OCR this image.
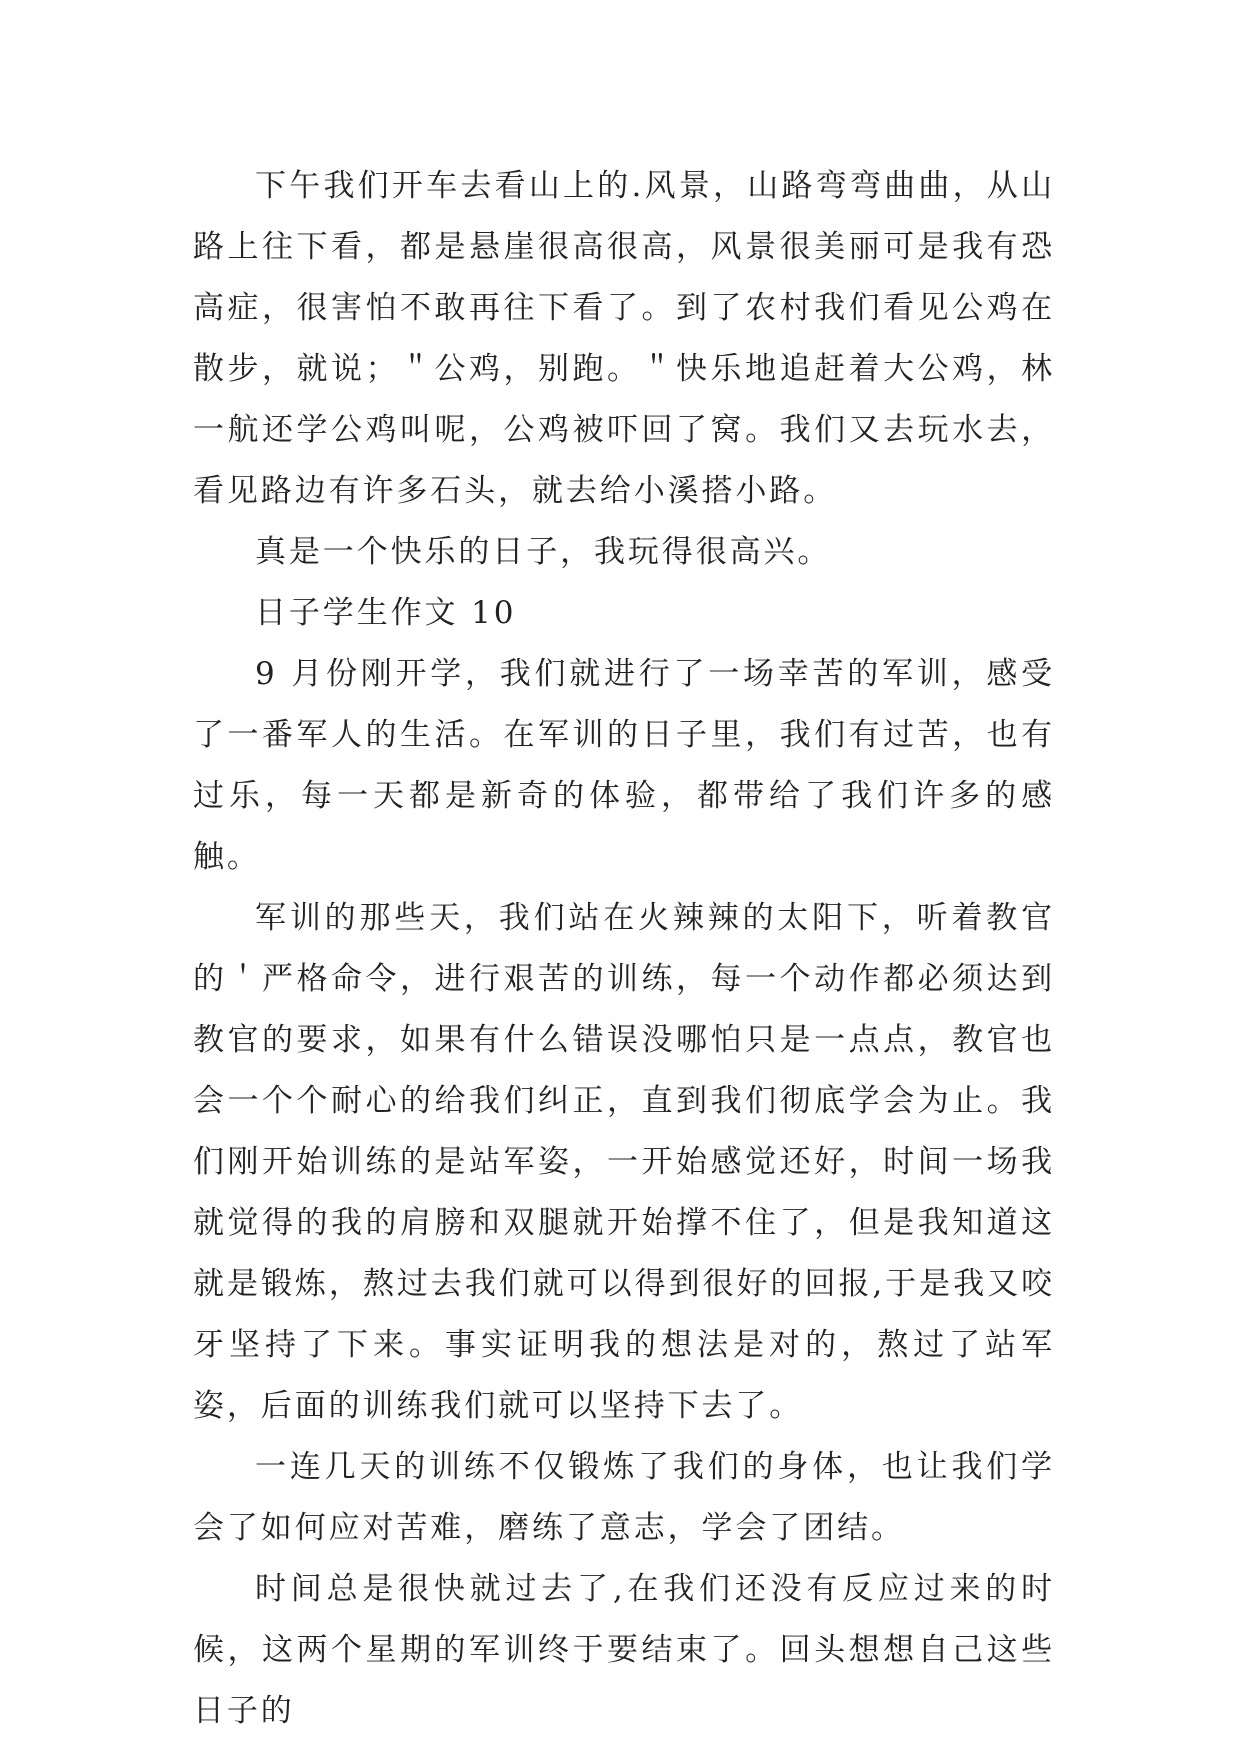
下午我们开车去看山上的.风景，山路弯弯曲曲，从山路上往下看，都是悬崖很高很高，风景很美丽可是我有恐高症，很害怕不敢再往下看了。到了农村我们看见公鸡在散步，就说；＂公鸡，别跑。＂快乐地追赶着大公鸡，林一航还学公鸡叫呢，公鸡被吓回了窝。我们又去玩水去，看见路边有许多石头，就去给小溪搭小路。

真是一个快乐的日子，我玩得很高兴。

日子学生作文 10

9 月份刚开学，我们就进行了一场幸苦的军训，感受了一番军人的生活。在军训的日子里，我们有过苦，也有过乐，每一天都是新奇的体验，都带给了我们许多的感触。

军训的那些天，我们站在火辣辣的太阳下，听着教官的＇严格命令，进行艰苦的训练，每一个动作都必须达到教官的要求，如果有什么错误没哪怕只是一点点，教官也会一个个耐心的给我们纠正，直到我们彻底学会为止。我们刚开始训练的是站军姿，一开始感觉还好，时间一场我就觉得的我的肩膀和双腿就开始撑不住了，但是我知道这就是锻炼，熬过去我们就可以得到很好的回报,于是我又咬牙坚持了下来。事实证明我的想法是对的，熬过了站军姿，后面的训练我们就可以坚持下去了。

一连几天的训练不仅锻炼了我们的身体，也让我们学会了如何应对苦难，磨练了意志，学会了团结。

时间总是很快就过去了,在我们还没有反应过来的时候，这两个星期的军训终于要结束了。回头想想自己这些日子的
